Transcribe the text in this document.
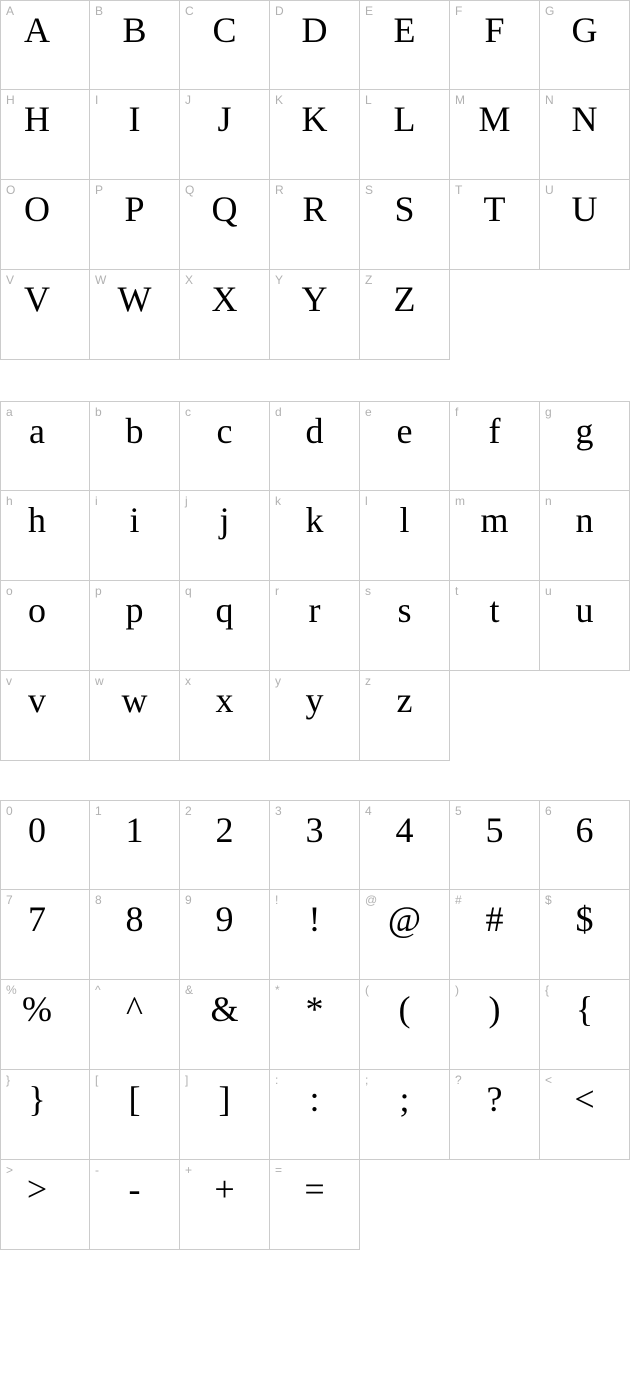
A A	B B	C C	D D	E E	F F	G G
H H	I I	J J	K K	L L	M M	N N
O O	P P	Q Q	R R	S S	T T	U U
V V	W W	X X	Y Y	Z Z
a a	b b	c c	d d	e e	f f	g g
h h	i i	j j	k k	l l	m m	n n
o o	p p	q q	r r	s s	t t	u u
v v	w w	x x	y y	z z
0 0	1 1	2 2	3 3	4 4	5 5	6 6
7 7	8 8	9 9	! !	@ @	# #	$ $
% %	^ ^	& &	* *	( (	) )	{ {
} }	[ [	] ]	: :	; ;	? ?	< <
> >	- -	+ +	= =
